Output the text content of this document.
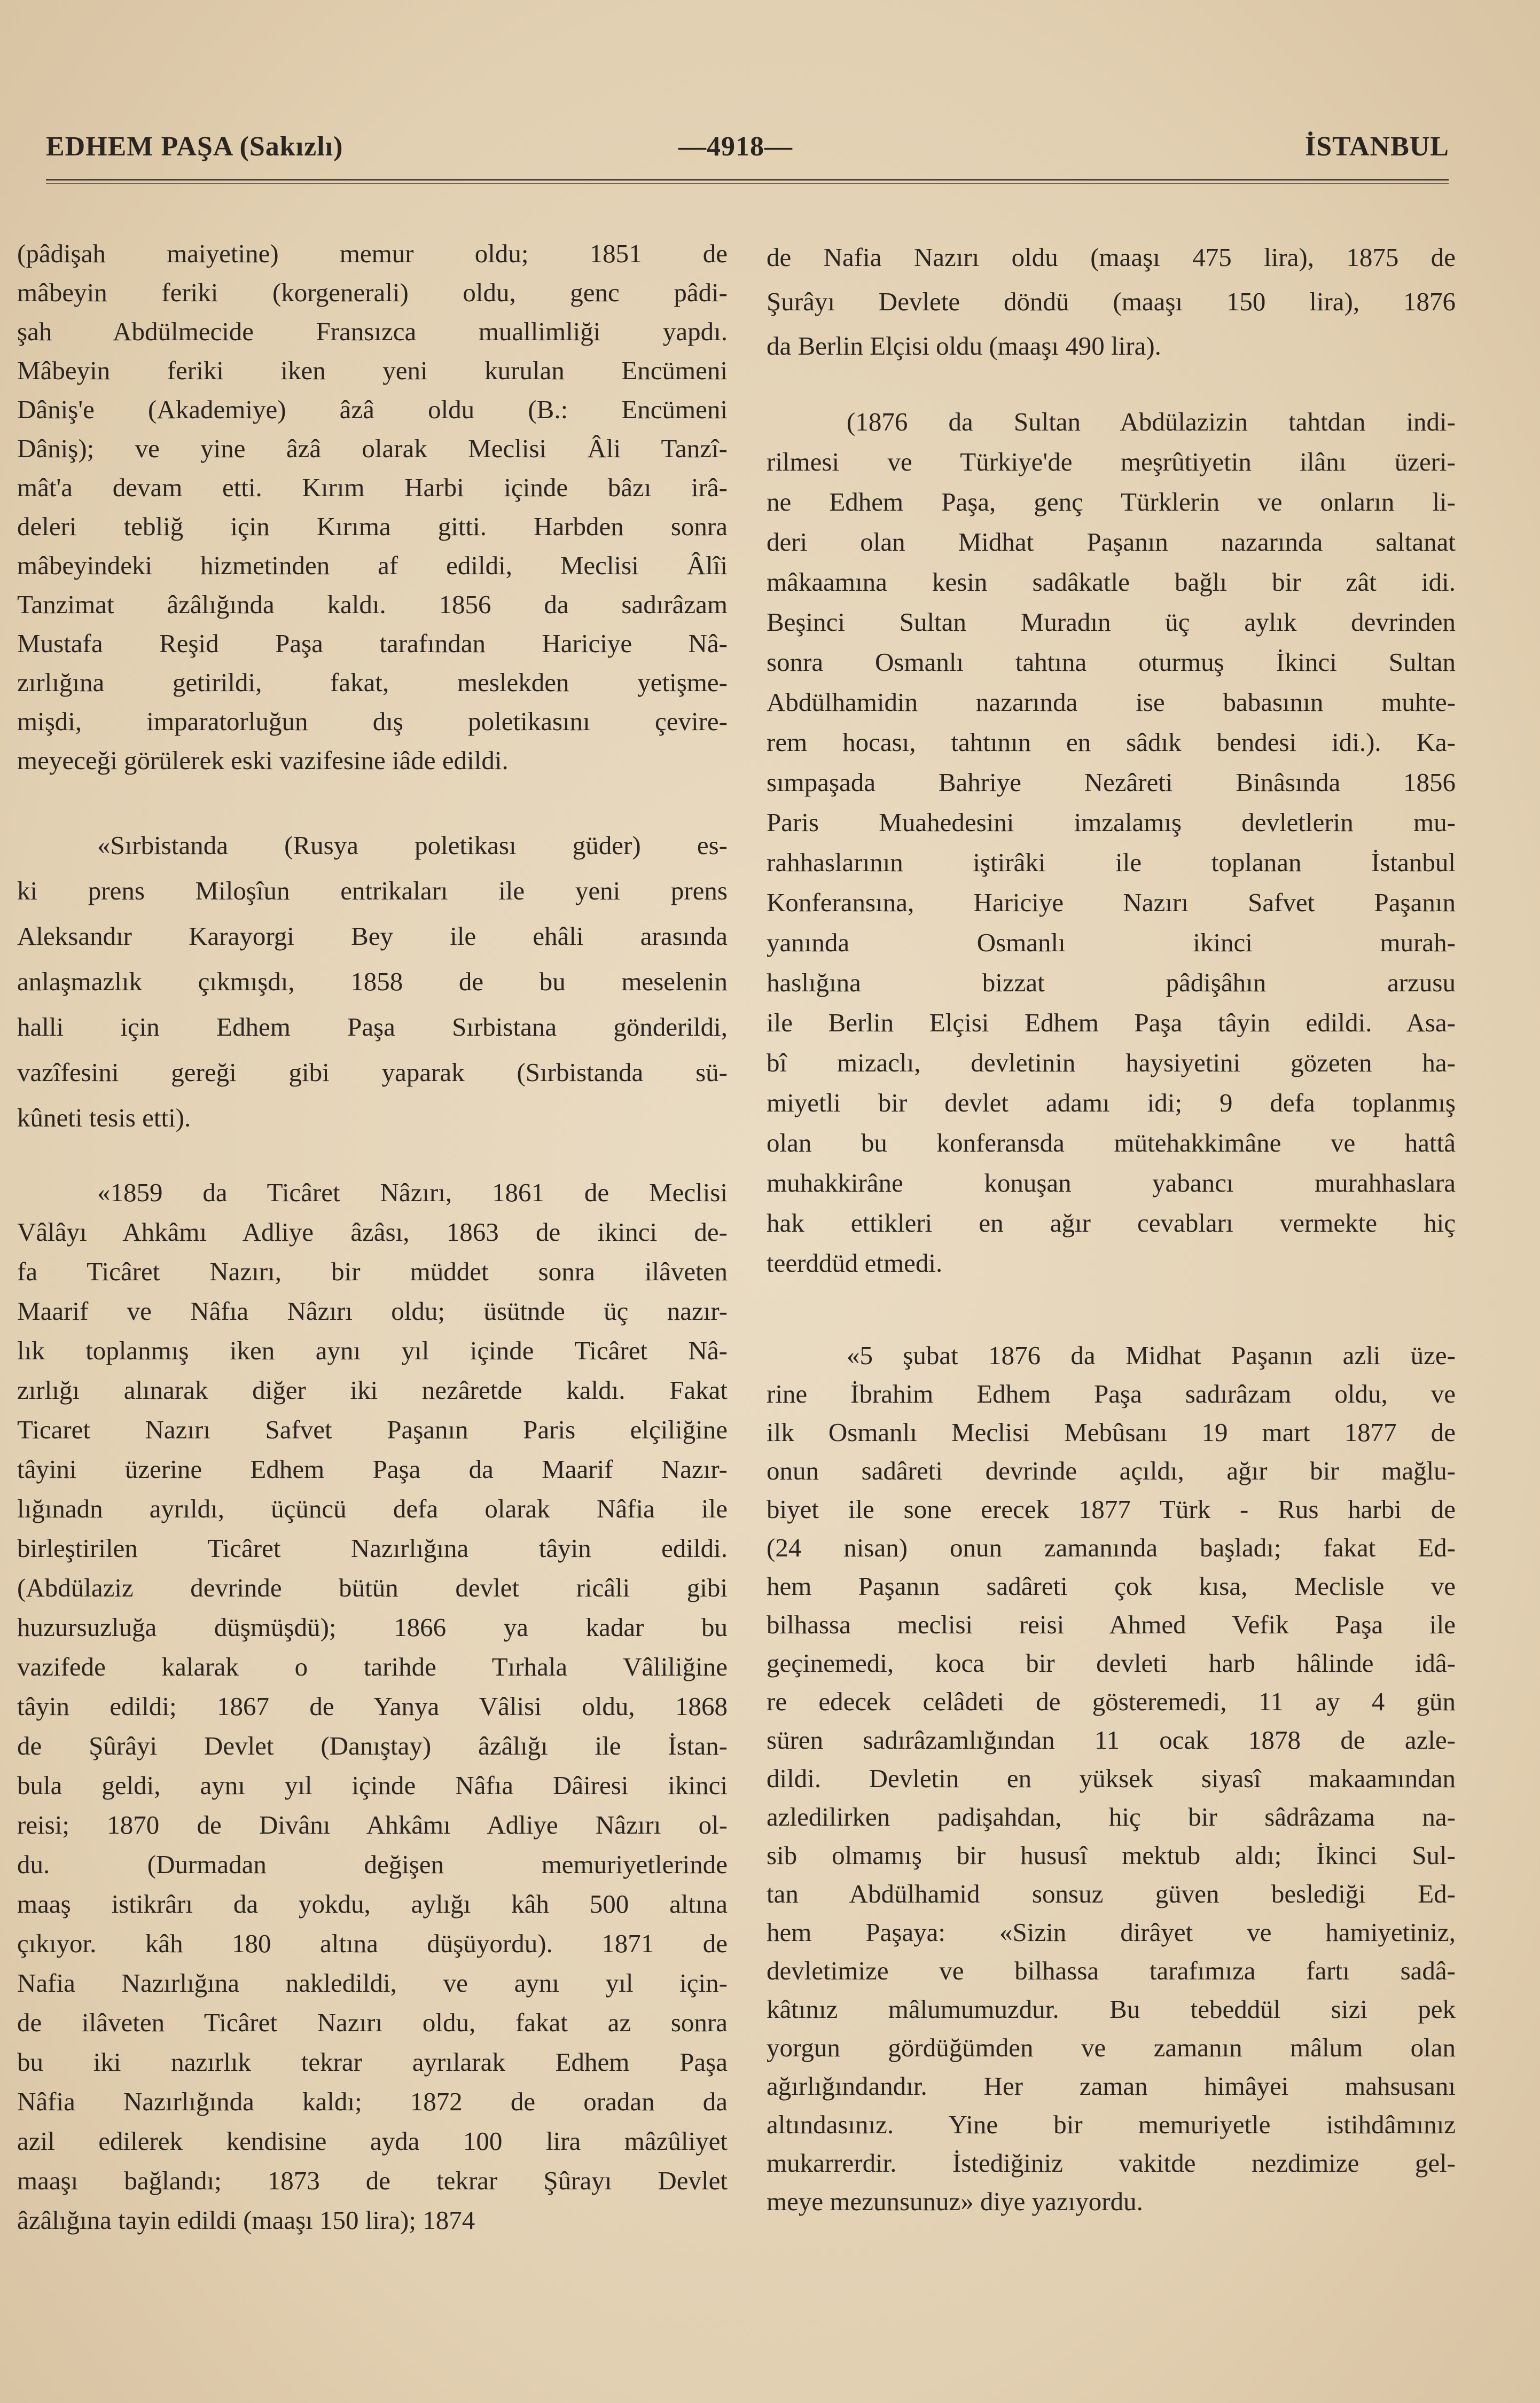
EDHEM PAŞA (Sakızlı)	—4918—	İSTANBUL
(pâdişah maiyetine) memur oldu; 1851 de
mâbeyin feriki (korgenerali) oldu, genc pâdi-
şah Abdülmecide Fransızca muallimliği yapdı.
Mâbeyin feriki iken yeni kurulan Encümeni
Dâniş'e (Akademiye) âzâ oldu (B.: Encümeni
Dâniş); ve yine âzâ olarak Meclisi Âli Tanzî-
mât'a devam etti. Kırım Harbi içinde bâzı irâ-
deleri tebliğ için Kırıma gitti. Harbden sonra
mâbeyindeki hizmetinden af edildi, Meclisi Âlîi
Tanzimat âzâlığında kaldı. 1856 da sadırâzam
Mustafa Reşid Paşa tarafından Hariciye Nâ-
zırlığına getirildi, fakat, meslekden yetişme-
mişdi, imparatorluğun dış poletikasını çevire-
meyeceği görülerek eski vazifesine iâde edildi.
«Sırbistanda (Rusya poletikası güder) es-
ki prens Miloşîun entrikaları ile yeni prens
Aleksandır Karayorgi Bey ile ehâli arasında
anlaşmazlık çıkmışdı, 1858 de bu meselenin
halli için Edhem Paşa Sırbistana gönderildi,
vazîfesini gereği gibi yaparak (Sırbistanda sü-
kûneti tesis etti).
«1859 da Ticâret Nâzırı, 1861 de Meclisi
Vâlâyı Ahkâmı Adliye âzâsı, 1863 de ikinci de-
fa Ticâret Nazırı, bir müddet sonra ilâveten
Maarif ve Nâfıa Nâzırı oldu; üsütnde üç nazır-
lık toplanmış iken aynı yıl içinde Ticâret Nâ-
zırlığı alınarak diğer iki nezâretde kaldı. Fakat
Ticaret Nazırı Safvet Paşanın Paris elçiliğine
tâyini üzerine Edhem Paşa da Maarif Nazır-
lığınadn ayrıldı, üçüncü defa olarak Nâfia ile
birleştirilen Ticâret Nazırlığına tâyin edildi.
(Abdülaziz devrinde bütün devlet ricâli gibi
huzursuzluğa düşmüşdü); 1866 ya kadar bu
vazifede kalarak o tarihde Tırhala Vâliliğine
tâyin edildi; 1867 de Yanya Vâlisi oldu, 1868
de Şûrâyi Devlet (Danıştay) âzâlığı ile İstan-
bula geldi, aynı yıl içinde Nâfıa Dâiresi ikinci
reisi; 1870 de Divânı Ahkâmı Adliye Nâzırı ol-
du. (Durmadan değişen memuriyetlerinde
maaş istikrârı da yokdu, aylığı kâh 500 altına
çıkıyor. kâh 180 altına düşüyordu). 1871 de
Nafia Nazırlığına nakledildi, ve aynı yıl için-
de ilâveten Ticâret Nazırı oldu, fakat az sonra
bu iki nazırlık tekrar ayrılarak Edhem Paşa
Nâfia Nazırlığında kaldı; 1872 de oradan da
azil edilerek kendisine ayda 100 lira mâzûliyet
maaşı bağlandı; 1873 de tekrar Şûrayı Devlet
âzâlığına tayin edildi (maaşı 150 lira); 1874
de Nafia Nazırı oldu (maaşı 475 lira), 1875 de
Şurâyı Devlete döndü (maaşı 150 lira), 1876
da Berlin Elçisi oldu (maaşı 490 lira).
(1876 da Sultan Abdülazizin tahtdan indi-
rilmesi ve Türkiye'de meşrûtiyetin ilânı üzeri-
ne Edhem Paşa, genç Türklerin ve onların li-
deri olan Midhat Paşanın nazarında saltanat
mâkaamına kesin sadâkatle bağlı bir zât idi.
Beşinci Sultan Muradın üç aylık devrinden
sonra Osmanlı tahtına oturmuş İkinci Sultan
Abdülhamidin nazarında ise babasının muhte-
rem hocası, tahtının en sâdık bendesi idi.). Ka-
sımpaşada Bahriye Nezâreti Binâsında 1856
Paris Muahedesini imzalamış devletlerin mu-
rahhaslarının iştirâki ile toplanan İstanbul
Konferansına, Hariciye Nazırı Safvet Paşanın
yanında Osmanlı ikinci murah-
haslığına bizzat pâdişâhın arzusu
ile Berlin Elçisi Edhem Paşa tâyin edildi. Asa-
bî mizaclı, devletinin haysiyetini gözeten ha-
miyetli bir devlet adamı idi; 9 defa toplanmış
olan bu konferansda mütehakkimâne ve hattâ
muhakkirâne konuşan yabancı murahhaslara
hak ettikleri en ağır cevabları vermekte hiç
teerddüd etmedi.
«5 şubat 1876 da Midhat Paşanın azli üze-
rine İbrahim Edhem Paşa sadırâzam oldu, ve
ilk Osmanlı Meclisi Mebûsanı 19 mart 1877 de
onun sadâreti devrinde açıldı, ağır bir mağlu-
biyet ile sone erecek 1877 Türk - Rus harbi de
(24 nisan) onun zamanında başladı; fakat Ed-
hem Paşanın sadâreti çok kısa, Meclisle ve
bilhassa meclisi reisi Ahmed Vefik Paşa ile
geçinemedi, koca bir devleti harb hâlinde idâ-
re edecek celâdeti de gösteremedi, 11 ay 4 gün
süren sadırâzamlığından 11 ocak 1878 de azle-
dildi. Devletin en yüksek siyasî makaamından
azledilirken padişahdan, hiç bir sâdrâzama na-
sib olmamış bir hususî mektub aldı; İkinci Sul-
tan Abdülhamid sonsuz güven beslediği Ed-
hem Paşaya: «Sizin dirâyet ve hamiyetiniz,
devletimize ve bilhassa tarafımıza fartı sadâ-
kâtınız mâlumumuzdur. Bu tebeddül sizi pek
yorgun gördüğümden ve zamanın mâlum olan
ağırlığındandır. Her zaman himâyei mahsusanı
altındasınız. Yine bir memuriyetle istihdâmınız
mukarrerdir. İstediğiniz vakitde nezdimize gel-
meye mezunsunuz» diye yazıyordu.
